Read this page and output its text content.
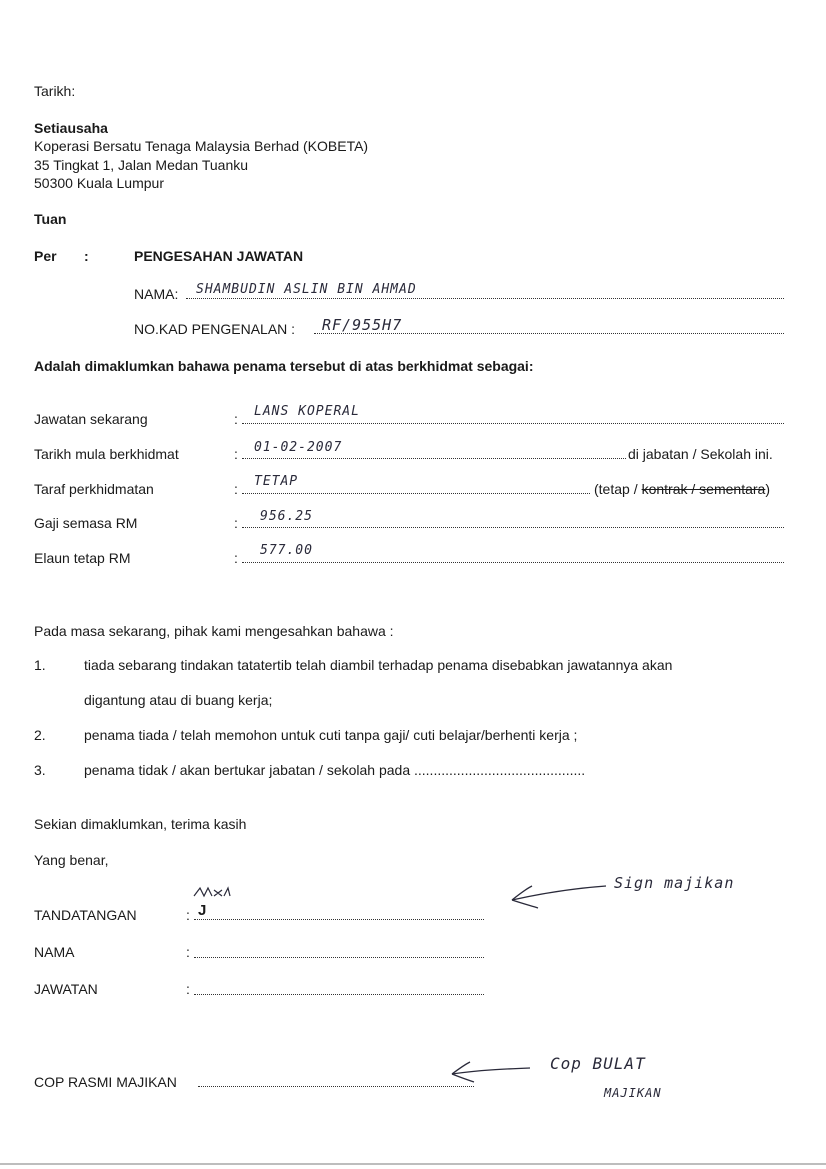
Tarikh:
Setiausaha
Koperasi Bersatu Tenaga Malaysia Berhad (KOBETA)
35 Tingkat 1, Jalan Medan Tuanku
50300 Kuala Lumpur
Tuan
Per :	PENGESAHAN JAWATAN
NAMA: SHAMBUDIN ASLIN BIN AHMAD
NO.KAD PENGENALAN : RF/955H7
Adalah dimaklumkan bahawa penama tersebut di atas berkhidmat sebagai:
Jawatan sekarang	: LANS KOPERAL
Tarikh mula berkhidmat	: 01-02-2007	di jabatan / Sekolah ini.
Taraf perkhidmatan	: TETAP	(tetap / kontrak / sementara)
Gaji semasa RM	: 956.25
Elaun tetap RM	: 577.00
Pada masa sekarang, pihak kami mengesahkan bahawa :
1.	tiada sebarang tindakan tatatertib telah diambil terhadap penama disebabkan jawatannya akan
digantung atau di buang kerja;
2.	penama tiada / telah memohon untuk cuti tanpa gaji/ cuti belajar/berhenti kerja ;
3.	penama tidak / akan bertukar jabatan / sekolah pada ............................................
Sekian dimaklumkan, terima kasih
Yang benar,
TANDATANGAN	: J
NAMA	:
JAWATAN	:
Sign majikan
COP RASMI MAJIKAN
Cop BULAT
MAJIKAN
